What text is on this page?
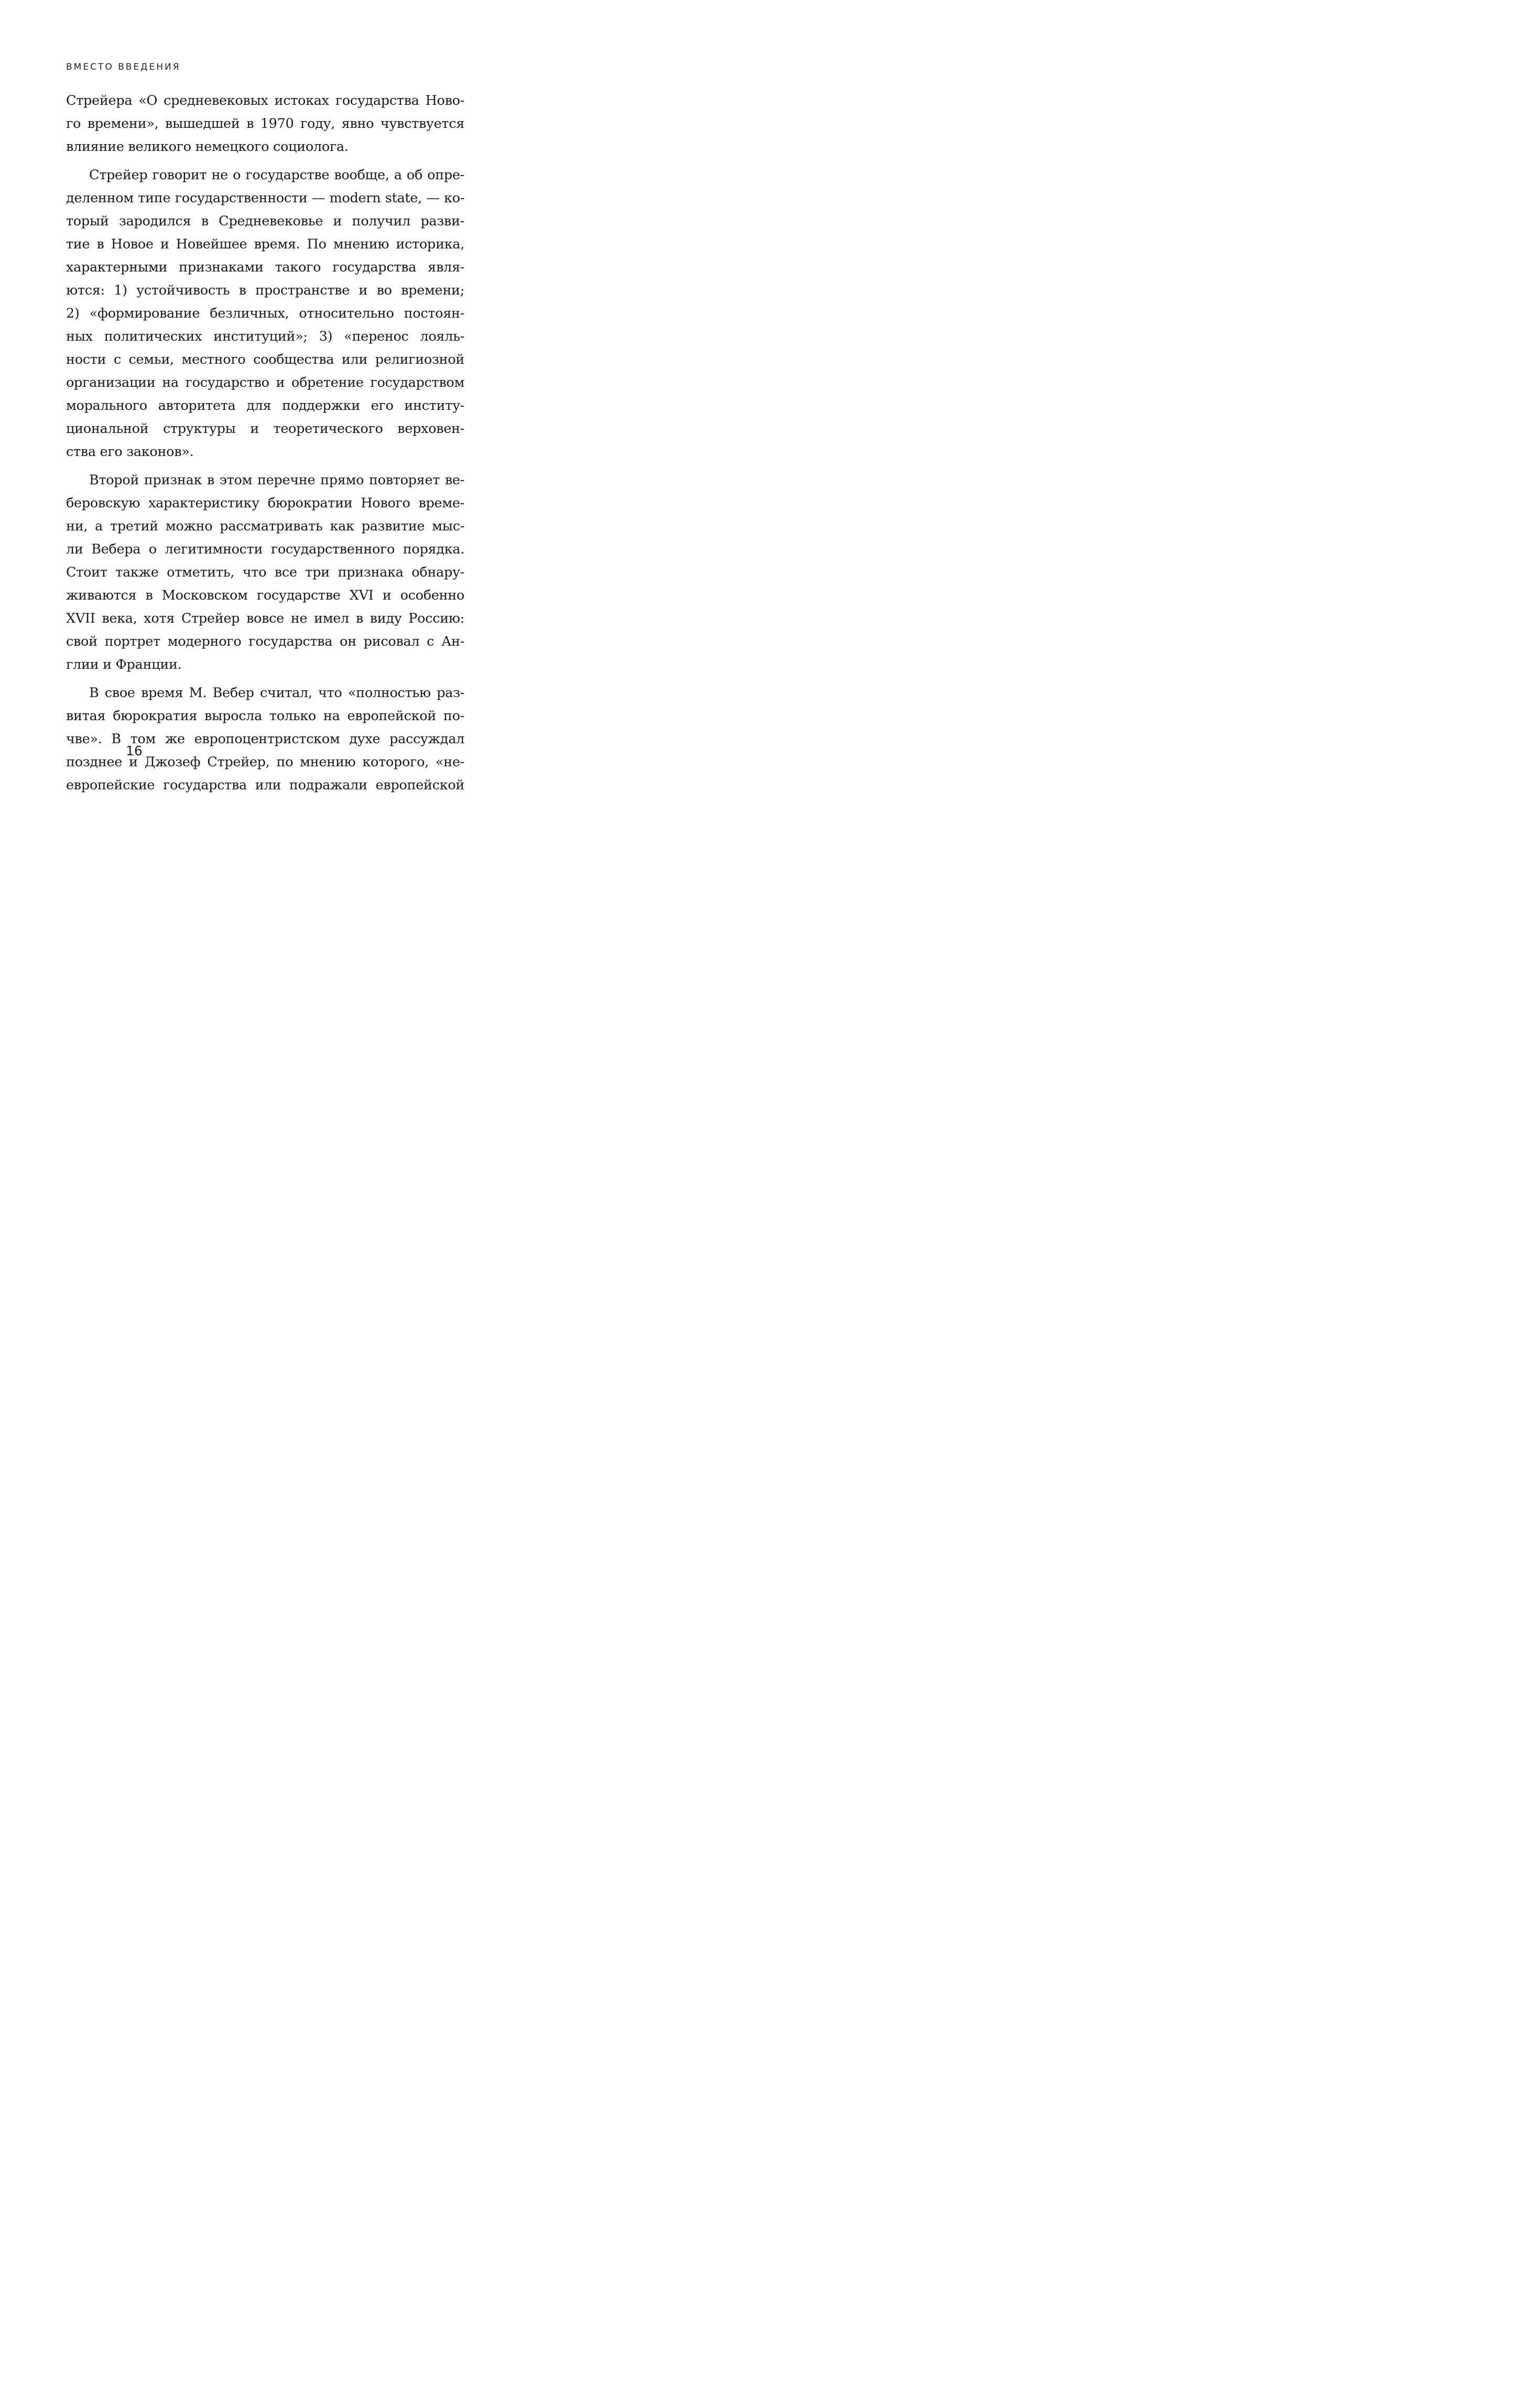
ВМЕСТО ВВЕДЕНИЯ
Стрейера «О средневековых истоках государства Ново-
го времени», вышедшей в 1970 году, явно чувствуется
влияние великого немецкого социолога.
Стрейер говорит не о государстве вообще, а об опре-
деленном типе государственности — modern state, — ко-
торый зародился в Средневековье и получил разви-
тие в Новое и Новейшее время. По мнению историка,
характерными признаками такого государства явля-
ются: 1) устойчивость в пространстве и во времени;
2) «формирование безличных, относительно постоян-
ных политических институций»; 3) «перенос лояль-
ности с семьи, местного сообщества или религиозной
организации на государство и обретение государством
морального авторитета для поддержки его институ-
циональной структуры и теоретического верховен-
ства его законов».
Второй признак в этом перечне прямо повторяет ве-
беровскую характеристику бюрократии Нового време-
ни, а третий можно рассматривать как развитие мыс-
ли Вебера о легитимности государственного порядка.
Стоит также отметить, что все три признака обнару-
живаются в Московском государстве XVI и особенно
XVII века, хотя Стрейер вовсе не имел в виду Россию:
свой портрет модерного государства он рисовал с Ан-
глии и Франции.
В свое время М. Вебер считал, что «полностью раз-
витая бюрократия выросла только на европейской по-
чве». В том же европоцентристском духе рассуждал
позднее и Джозеф Стрейер, по мнению которого, «не-
европейские государства или подражали европейской
16
